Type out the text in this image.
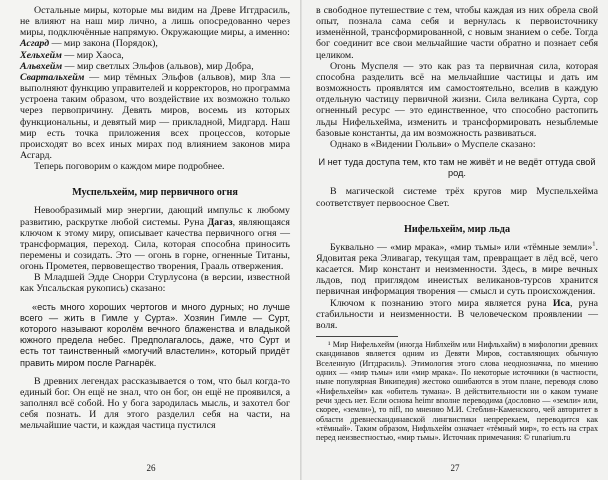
Остальные миры, которые мы видим на Древе Иггдрасиль, не влияют на наш мир лично, а лишь опосредованно через миры, подключённые напрямую. Окружающие миры, а именно:

Асгард — мир закона (Порядок),

Хельхейм — мир Хаоса,

Альвхейм — мир светлых Эльфов (альвов), мир Добра,

Свартальхейм — мир тёмных Эльфов (альвов), мир Зла — выполняют функцию управителей и корректоров, но программа устроена таким образом, что воздействие их возможно только через первопричину. Девять миров, восемь из которых функциональны, и девятый мир — прикладной, Мидгард. Наш мир есть точка приложения всех процессов, которые происходят во всех иных мирах под влиянием законов мира Асгард.

Теперь поговорим о каждом мире подробнее.

Муспельхейм, мир первичного огня

Невообразимый мир энергии, дающий импульс к любому развитию, раскрутке любой системы. Руна Дагаз, являющаяся ключом к этому миру, описывает качества первичного огня — трансформация, переход. Сила, которая способна приносить перемены и созидать. Это — огонь в горне, огненные Титаны, огонь Прометея, первовещество творения, Грааль отвержения.

В Младшей Эдде Снорри Стурлусона (в версии, известной как Упсальская рукопись) сказано:

«есть много хороших чертогов и много дурных; но лучше всего — жить в Гимле у Сурта». Хозяин Гимле — Сурт, которого называют королём вечного блаженства и владыкой южного предела небес. Предполагалось, даже, что Сурт и есть тот таинственный «могучий властелин», который придёт править миром после Рагнарёк.

В древних легендах рассказывается о том, что был когда-то единый бог. Он ещё не знал, что он бог, он ещё не проявился, а заполнял всё собой. Но у бога зародилась мысль, и захотел бог себя познать. И для этого разделил себя на части, на мельчайшие части, и каждая частица пустился

26

в свободное путешествие с тем, чтобы каждая из них обрела свой опыт, познала сама себя и вернулась к первоисточнику изменённой, трансформированной, с новым знанием о себе. Тогда бог соединит все свои мельчайшие части обратно и познает себя целиком.

Огонь Муспеля — это как раз та первичная сила, которая способна разделить всё на мельчайшие частицы и дать им возможность проявлятся им самостоятельно, вселив в каждую отдельную частицу первичной жизни. Сила великана Сурта, сор огненный ресурс — это единственное, что способно растопить льды Нифельхейма, изменить и трансформировать незыблемые базовые константы, да им возможность развиваться.

Однако в «Видении Гюльви» о Муспеле сказано:

И нет туда доступа тем, кто там не живёт и не ведёт оттуда свой род.

В магической системе трёх кругов мир Муспельхейма соответствует первоосное Свет.

Нифельхейм, мир льда

Буквально — «мир мрака», «мир тьмы» или «тёмные земли»$^1$. Ядовитая река Эливагар, текущая там, превращает в лёд всё, чего касается. Мир констант и неизменности. Здесь, в мире вечных льдов, под приглядом инеистых великанов-турсов хранится первичная информация творения — смысл и суть происхождения.

Ключом к познанию этого мира является руна Иса, руна стабильности и неизменности. В человеческом проявлении — воля.

¹ Мир Нифельхейм (иногда Ниблхейм или Нифльхайм) в мифологии древних скандинавов является одним из Девяти Миров, составляющих обычную Вселенную (Иггдрасиль). Этимология этого слова неоднозначна, по мнению одних — «мир тьмы» или «мир мрака». По некоторые источники (в частности, ныне популярная Википедия) жестоко ошибаются в этом плане, переводя слово «Нифельхейм» как «обитель тумана». В действительности ни о каком тумане речи здесь нет. Если основа heimr вполне переводима (дословно — «земли» или, скорее, «земли»), то nifl, по мнению М.И. Стеблин-Каменского, чей авторитет в области древнескандинавской лингвистики непререкаем, переводится как «тёмный». Таким образом, Нифльхейм означает «тёмный мир», то есть на страх перед неизвестностью, «мир тьмы». Источник примечания: © runarium.ru

27
